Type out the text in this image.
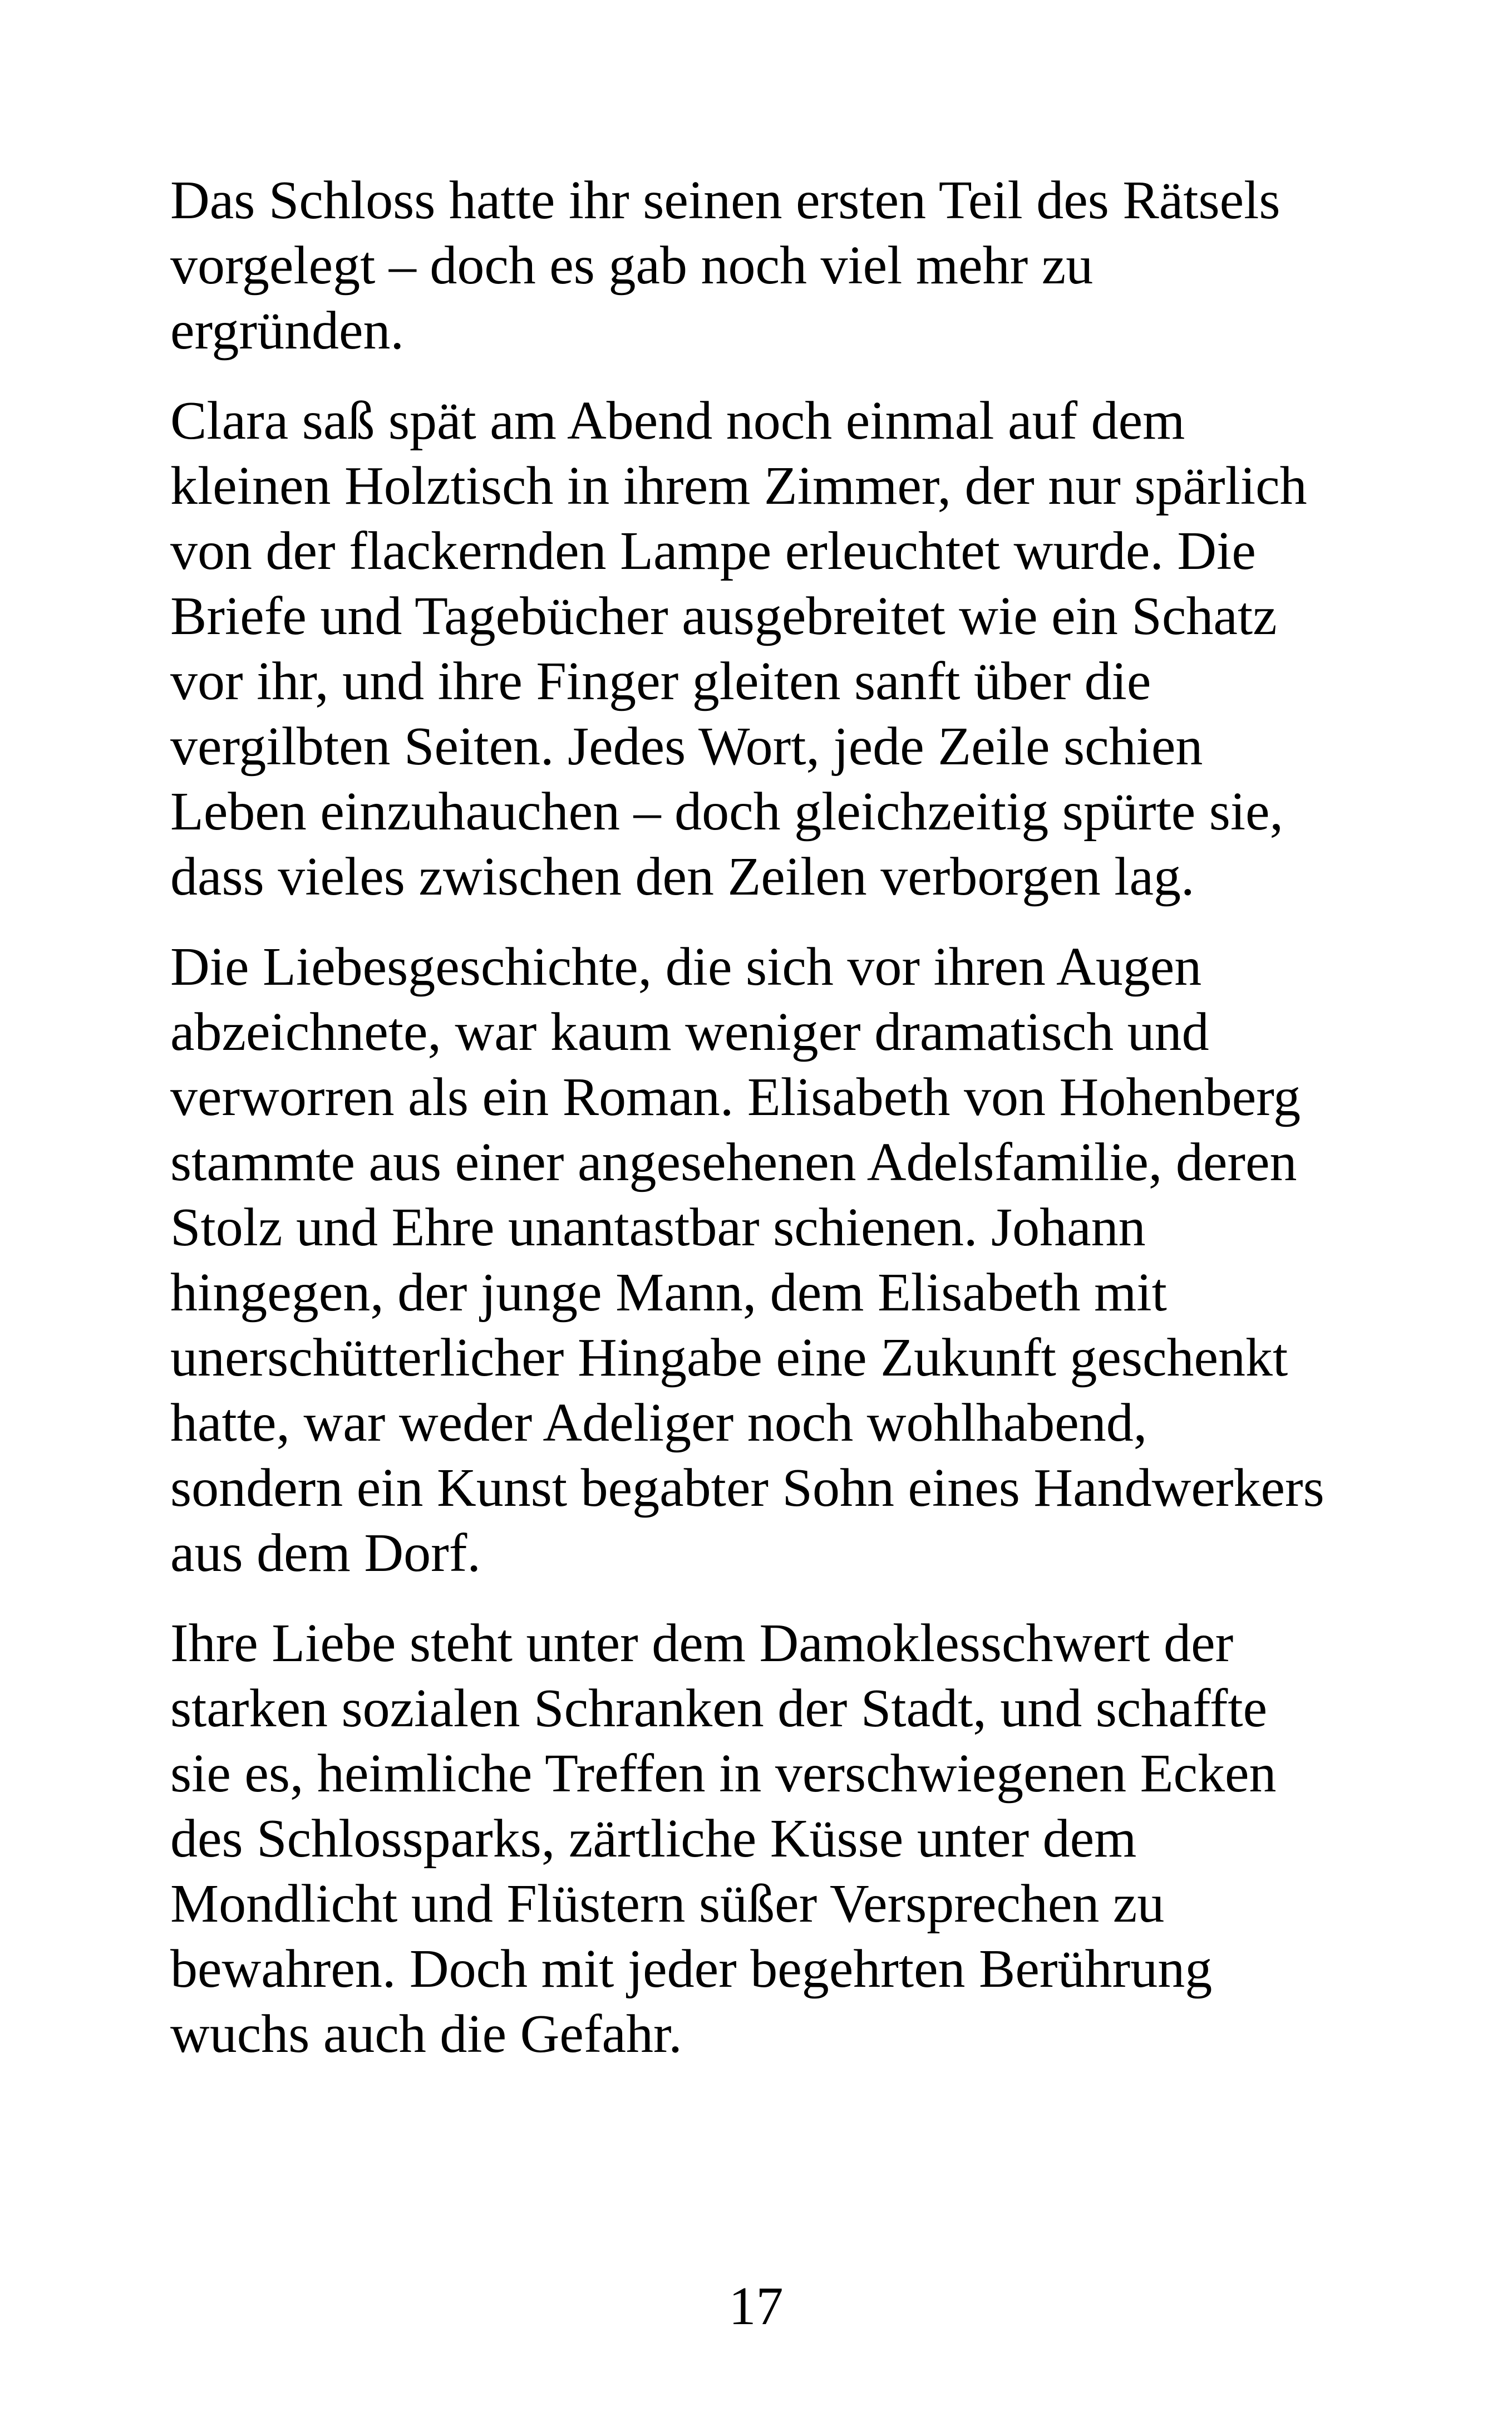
Das Schloss hatte ihr seinen ersten Teil des Rätsels
vorgelegt – doch es gab noch viel mehr zu
ergründen.

Clara saß spät am Abend noch einmal auf dem
kleinen Holztisch in ihrem Zimmer, der nur spärlich
von der flackernden Lampe erleuchtet wurde. Die
Briefe und Tagebücher ausgebreitet wie ein Schatz
vor ihr, und ihre Finger gleiten sanft über die
vergilbten Seiten. Jedes Wort, jede Zeile schien
Leben einzuhauchen – doch gleichzeitig spürte sie,
dass vieles zwischen den Zeilen verborgen lag.

Die Liebesgeschichte, die sich vor ihren Augen
abzeichnete, war kaum weniger dramatisch und
verworren als ein Roman. Elisabeth von Hohenberg
stammte aus einer angesehenen Adelsfamilie, deren
Stolz und Ehre unantastbar schienen. Johann
hingegen, der junge Mann, dem Elisabeth mit
unerschütterlicher Hingabe eine Zukunft geschenkt
hatte, war weder Adeliger noch wohlhabend,
sondern ein Kunst begabter Sohn eines Handwerkers
aus dem Dorf.

Ihre Liebe steht unter dem Damoklesschwert der
starken sozialen Schranken der Stadt, und schaffte
sie es, heimliche Treffen in verschwiegenen Ecken
des Schlossparks, zärtliche Küsse unter dem
Mondlicht und Flüstern süßer Versprechen zu
bewahren. Doch mit jeder begehrten Berührung
wuchs auch die Gefahr.

17
